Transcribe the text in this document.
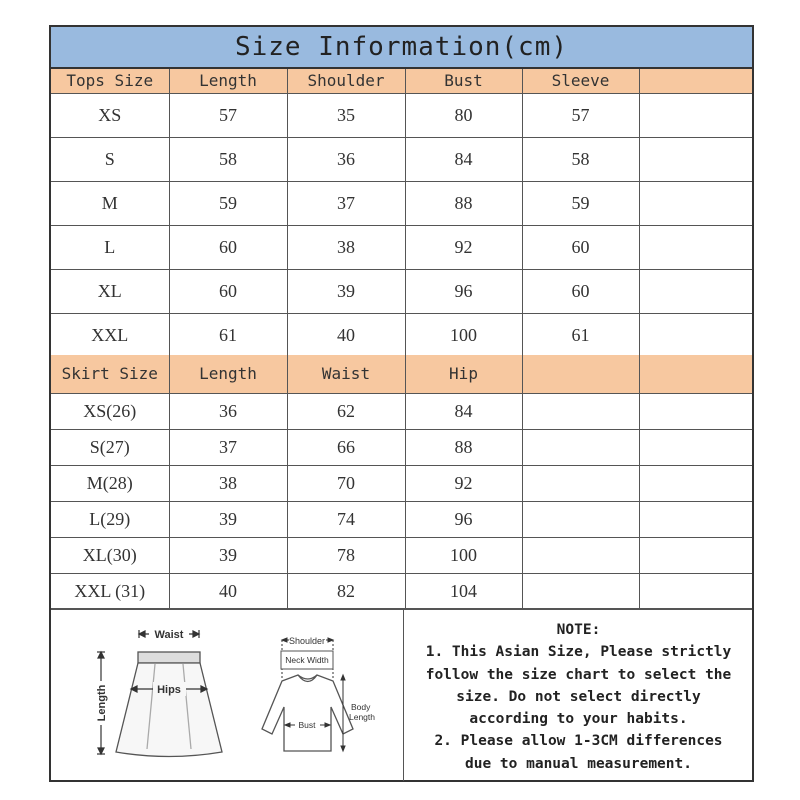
Size Information(cm)
Tops Size	Length	Shoulder	Bust	Sleeve	
XS	57	35	80	57	
S	58	36	84	58	
M	59	37	88	59	
L	60	38	92	60	
XL	60	39	96	60	
XXL	61	40	100	61	
Skirt Size	Length	Waist	Hip		
XS(26)	36	62	84		
S(27)	37	66	88		
M(28)	38	70	92		
L(29)	39	74	96		
XL(30)	39	78	100		
XXL (31)	40	82	104		
Waist
Hips
Length
Shoulder
Neck Width
Bust
Body
Length

NOTE:

1. This Asian Size, Please strictly

follow the size chart to select the

size. Do not select directly

according to your habits.

2. Please allow 1-3CM differences

due to manual measurement.
